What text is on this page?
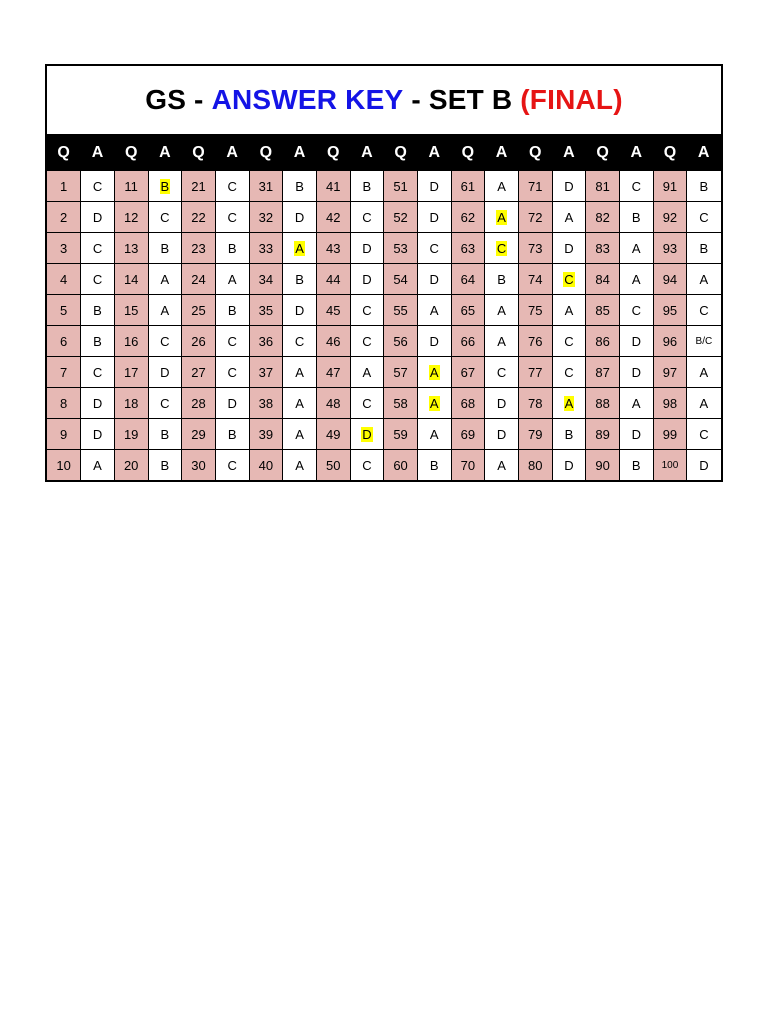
GS - ANSWER KEY - SET B (FINAL)
Q	A	Q	A	Q	A	Q	A	Q	A	Q	A	Q	A	Q	A	Q	A	Q	A
1	C	11	B	21	C	31	B	41	B	51	D	61	A	71	D	81	C	91	B
2	D	12	C	22	C	32	D	42	C	52	D	62	A	72	A	82	B	92	C
3	C	13	B	23	B	33	A	43	D	53	C	63	C	73	D	83	A	93	B
4	C	14	A	24	A	34	B	44	D	54	D	64	B	74	C	84	A	94	A
5	B	15	A	25	B	35	D	45	C	55	A	65	A	75	A	85	C	95	C
6	B	16	C	26	C	36	C	46	C	56	D	66	A	76	C	86	D	96	B/C
7	C	17	D	27	C	37	A	47	A	57	A	67	C	77	C	87	D	97	A
8	D	18	C	28	D	38	A	48	C	58	A	68	D	78	A	88	A	98	A
9	D	19	B	29	B	39	A	49	D	59	A	69	D	79	B	89	D	99	C
10	A	20	B	30	C	40	A	50	C	60	B	70	A	80	D	90	B	100	D
